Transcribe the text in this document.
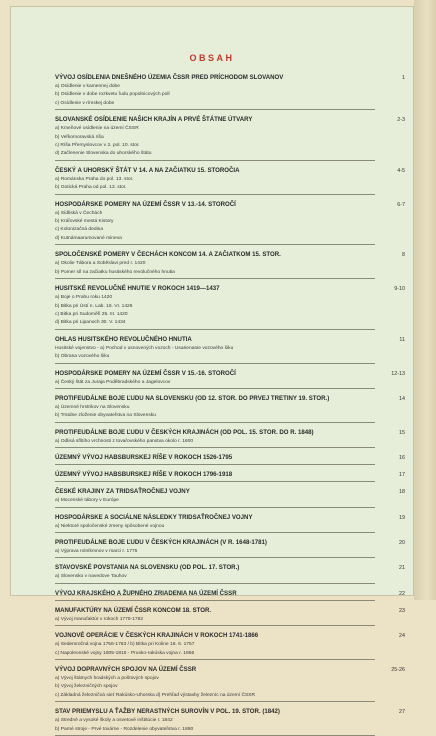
OBSAH
VÝVOJ OSÍDLENIA DNEŠNÉHO ÚZEMIA ČSSR PRED PRÍCHODOM SLOVANOV	1
a) Osídlenie v kamennej dobe
b) Osídlenie v dobe rozkvetu ľudu popolnicových polí
c) Osídlenie v rímskej dobe
SLOVANSKÉ OSÍDLENIE NAŠICH KRAJÍN A PRVÉ ŠTÁTNE ÚTVARY	2-3
a) Kmeňové osídlenie na území ČSSR
b) Veľkomoravská ríša
c) Ríša Přemyslovcov v 2. pol. 10. stor.
d) Začlenenie Slovenska do uhorského štátu
ČESKÝ A UHORSKÝ ŠTÁT V 14. A NA ZAČIATKU 15. STOROČIA	4-5
a) Románska Praha do pol. 13. stor.
b) Gotická Praha od pol. 13. stor.
HOSPODÁRSKE POMERY NA ÚZEMÍ ČSSR V 13.-14. STOROČÍ	6-7
a) Sídliská v Čechách
b) Kráľovské mestá Kistory
c) Kolonizačná dedina
d) Kutnámaarumované mineva
SPOLOČENSKÉ POMERY V ČECHÁCH KONCOM 14. A ZAČIATKOM 15. STOR.	8
a) Okolie Tábora a Sobĕslavi pred r. 1420
b) Pomer síl na začiatku husitského revolučného hnutia
HUSITSKÉ REVOLUČNÉ HNUTIE V ROKOCH 1419—1437	9-10
a) Boje o Prahu roku 1420
b) Bitka pri Ústí n. Lab. 16. VI. 1426
c) Bitka pri Sudoměři 25. III. 1420
d) Bitka pri Lipanoch 30. V. 1434
OHLAS HUSITSKÉHO REVOLUČNÉHO HNUTIA	11
Husitské vojenstvo - a) Pochod v usnovených vozoch - Usarienanie vozového šiku
b) Obrana vozového šiku
HOSPODÁRSKE POMERY NA ÚZEMÍ ČSSR V 15.-16. STOROČÍ	12-13
a) Český štát za Juraja Poděbradského a Jagelovcov
PROTIFEUDÁLNE BOJE ĽUDU NA SLOVENSKU (OD 12. STOR. DO PRVEJ TRETINY 19. STOR.)	14
a) Územné hrstrikov na Slovensku
b) Trstdne zloženie obyvateľstva na Slovensku
PROTIFEUDÁLNE BOJE ĽUDU V ČESKÝCH KRAJINÁCH (OD POL. 15. STOR. DO R. 1848)	15
a) Odlisá sfštiho vrchnosti z tovaŕovského panstva okolo r. 1600
ÚZEMNÝ VÝVOJ HABSBURSKEJ RÍŠE V ROKOCH 1526-1795	16
ÚZEMNÝ VÝVOJ HABSBURSKEJ RÍŠE V ROKOCH 1796-1918	17
ČESKÉ KRAJINY ZA TRIDSAŤROČNEJ VOJNY	18
a) Mocenské tábory v Európe
HOSPODÁRSKE A SOCIÁLNE NÁSLEDKY TRIDSAŤROČNEJ VOJNY	19
a) Niektoré spoločenské zmeny spôsobené vojnou
PROTIFEUDÁLNE BOJE ĽUDU V ČESKÝCH KRAJINÁCH (V R. 1648-1781)	20
a) Výprava rolníkmnov v marci r. 1775
STAVOVSKÉ POVSTANIA NA SLOVENSKU (OD POL. 17. STOR.)	21
a) Slovensko v navedove Tauhov
VÝVOJ KRAJSKÉHO A ŽUPNÉHO ZRIADENIA NA ÚZEMÍ ČSSR	22
MANUFAKTÚRY NA ÚZEMÍ ČSSR KONCOM 18. STOR.	23
a) Vývoj manufaktúr v rokoch 1775-1782
VOJNOVÉ OPERÁCIE V ČESKÝCH KRAJINÁCH V ROKOCH 1741-1866	24
a) Sedemročná vojna 1756-1763 / b) Bitka pri Koline 18. 6. 1757
c) Napoleonské vojny 1805-1815 - Prusko-rakúska vojna r. 1866
VÝVOJ DOPRAVNÝCH SPOJOV NA ÚZEMÍ ČSSR	25-26
a) Vývoj štátnych hradských a poštových spojov
b) Vývoj železničných spojov
c) Základná železničná sieť Rakúsko-Uhorska d) Prehľad výstavby železníc na území ČSSR
STAV PRIEMYSLU A ŤAŽBY NERASTNÝCH SUROVÍN V POL. 19. STOR. (1842)	27
a) Stredné a vysoké školy a osvetové inštitúcie r. 1842
b) Parné stroje - Prvé továrne - Rozdelenie obyvateľstva r. 1890
